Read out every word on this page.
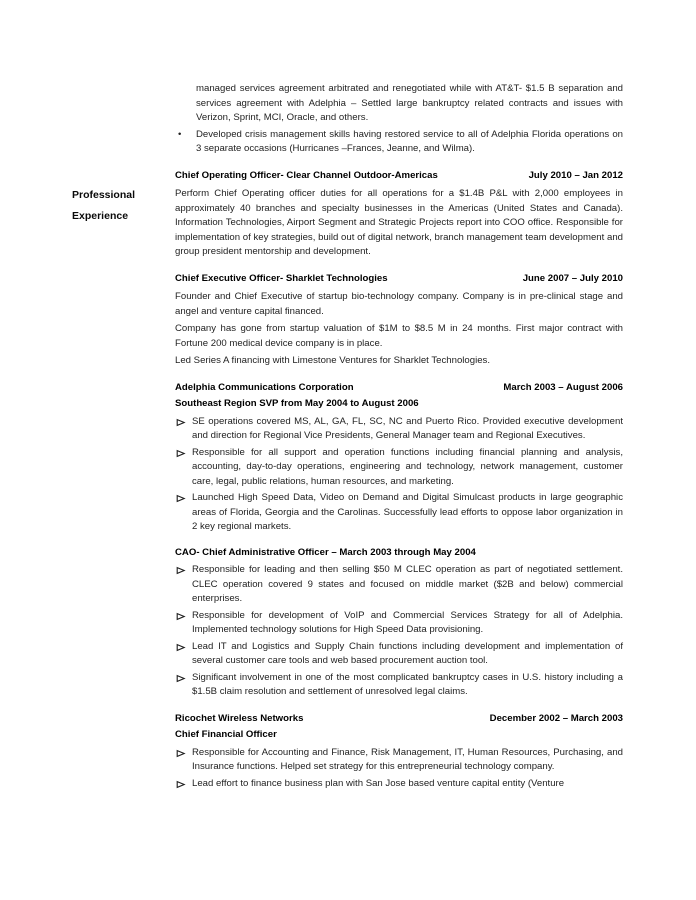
Professional Experience

managed services agreement arbitrated and renegotiated while with AT&T- $1.5 B separation and services agreement with Adelphia – Settled large bankruptcy related contracts and issues with Verizon, Sprint, MCI, Oracle, and others.

•	Developed crisis management skills having restored service to all of Adelphia Florida operations on 3 separate occasions (Hurricanes –Frances, Jeanne, and Wilma).
Chief Operating Officer- Clear Channel Outdoor-Americas	July 2010 – Jan 2012

Perform Chief Operating officer duties for all operations for a $1.4B P&L with 2,000 employees in approximately 40 branches and specialty businesses in the Americas (United States and Canada). Information Technologies, Airport Segment and Strategic Projects report into COO office. Responsible for implementation of key strategies, build out of digital network, branch management team development and group president mentorship and development.

Chief Executive Officer- Sharklet Technologies	June 2007 – July 2010

Founder and Chief Executive of startup bio-technology company. Company is in pre-clinical stage and angel and venture capital financed.

Company has gone from startup valuation of $1M to $8.5 M in 24 months. First major contract with Fortune 200 medical device company is in place.

Led Series A financing with Limestone Ventures for Sharklet Technologies.

Adelphia Communications Corporation	March 2003 – August 2006
Southeast Region SVP from May 2004 to August 2006
SE operations covered MS, AL, GA, FL, SC, NC and Puerto Rico. Provided executive development and direction for Regional Vice Presidents, General Manager team and Regional Executives.
Responsible for all support and operation functions including financial planning and analysis, accounting, day-to-day operations, engineering and technology, network management, customer care, legal, public relations, human resources, and marketing.
Launched High Speed Data, Video on Demand and Digital Simulcast products in large geographic areas of Florida, Georgia and the Carolinas. Successfully lead efforts to oppose labor organization in 2 key regional markets.
CAO- Chief Administrative Officer – March 2003 through May 2004
Responsible for leading and then selling $50 M CLEC operation as part of negotiated settlement. CLEC operation covered 9 states and focused on middle market ($2B and below) commercial enterprises.
Responsible for development of VoIP and Commercial Services Strategy for all of Adelphia. Implemented technology solutions for High Speed Data provisioning.
Lead IT and Logistics and Supply Chain functions including development and implementation of several customer care tools and web based procurement auction tool.
Significant involvement in one of the most complicated bankruptcy cases in U.S. history including a $1.5B claim resolution and settlement of unresolved legal claims.
Ricochet Wireless Networks	December 2002 – March 2003
Chief Financial Officer
Responsible for Accounting and Finance, Risk Management, IT, Human Resources, Purchasing, and Insurance functions. Helped set strategy for this entrepreneurial technology company.
Lead effort to finance business plan with San Jose based venture capital entity (Venture
